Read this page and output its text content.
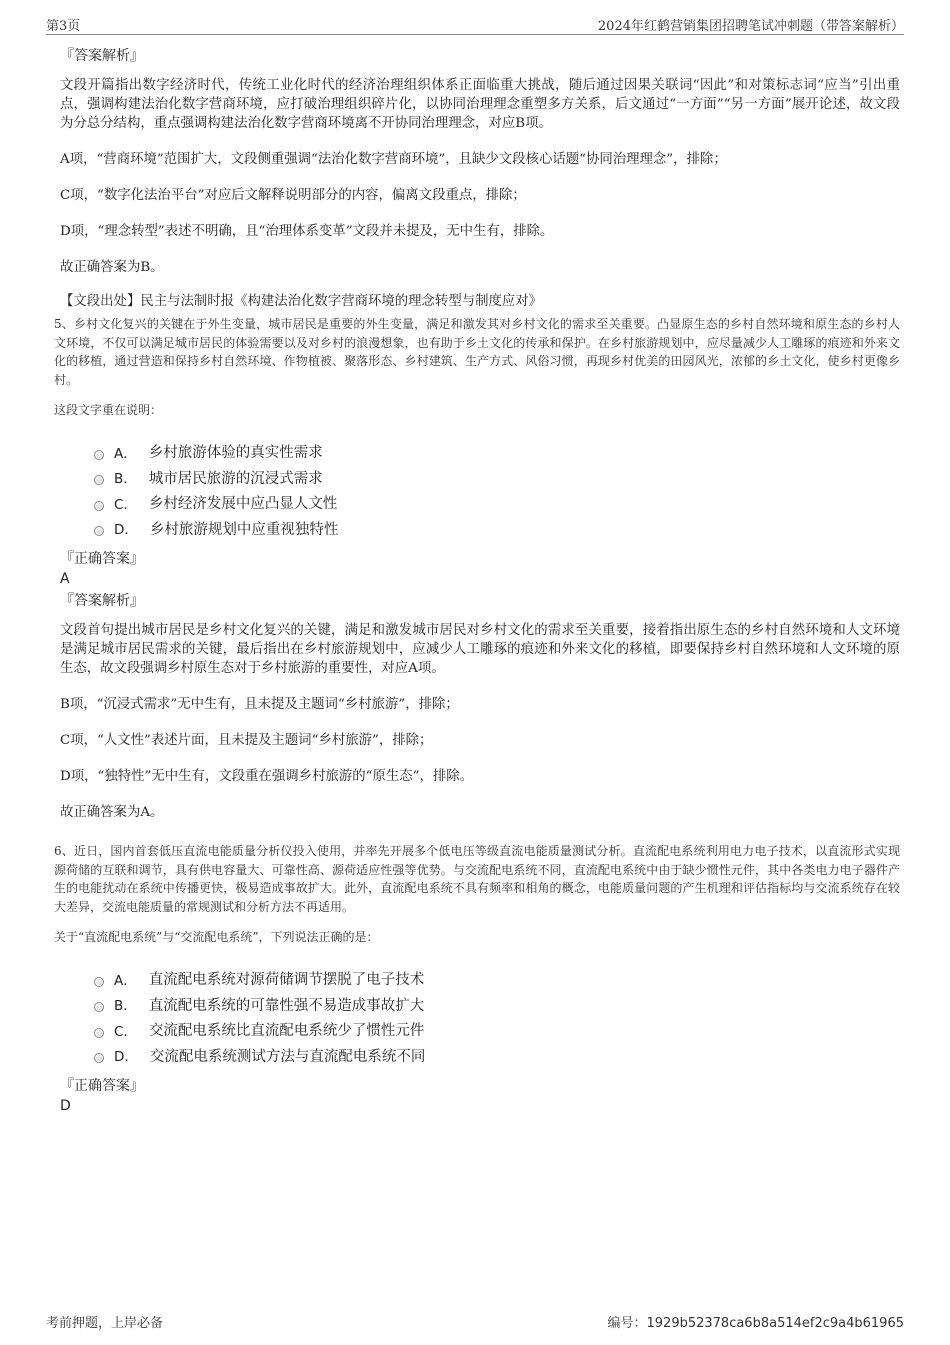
第3页	2024年红鹤营销集团招聘笔试冲刺题（带答案解析）
『答案解析』

文段开篇指出数字经济时代，传统工业化时代的经济治理组织体系正面临重大挑战，随后通过因果关联词“因此”和对策标志词“应当”引出重点，强调构建法治化数字营商环境，应打破治理组织碎片化，以协同治理理念重塑多方关系，后文通过“一方面”“另一方面”展开论述，故文段为分总分结构，重点强调构建法治化数字营商环境离不开协同治理理念，对应B项。

A项，“营商环境”范围扩大，文段侧重强调“法治化数字营商环境”，且缺少文段核心话题“协同治理理念”，排除；

C项，“数字化法治平台”对应后文解释说明部分的内容，偏离文段重点，排除；

D项，“理念转型”表述不明确，且“治理体系变革”文段并未提及，无中生有，排除。

故正确答案为B。

【文段出处】民主与法制时报《构建法治化数字营商环境的理念转型与制度应对》

5、乡村文化复兴的关键在于外生变量，城市居民是重要的外生变量，满足和激发其对乡村文化的需求至关重要。凸显原生态的乡村自然环境和原生态的乡村人文环境，不仅可以满足城市居民的体验需要以及对乡村的浪漫想象，也有助于乡土文化的传承和保护。在乡村旅游规划中，应尽量减少人工雕琢的痕迹和外来文化的移植，通过营造和保持乡村自然环境、作物植被、聚落形态、乡村建筑、生产方式、风俗习惯，再现乡村优美的田园风光，浓郁的乡土文化，使乡村更像乡村。

这段文字重在说明：
A． 乡村旅游体验的真实性需求
B． 城市居民旅游的沉浸式需求
C． 乡村经济发展中应凸显人文性
D． 乡村旅游规划中应重视独特性
『正确答案』
A
『答案解析』

文段首句提出城市居民是乡村文化复兴的关键，满足和激发城市居民对乡村文化的需求至关重要，接着指出原生态的乡村自然环境和人文环境是满足城市居民需求的关键，最后指出在乡村旅游规划中，应减少人工雕琢的痕迹和外来文化的移植，即要保持乡村自然环境和人文环境的原生态，故文段强调乡村原生态对于乡村旅游的重要性，对应A项。

B项，“沉浸式需求”无中生有，且未提及主题词“乡村旅游”，排除；

C项，“人文性”表述片面，且未提及主题词“乡村旅游”，排除；

D项，“独特性”无中生有，文段重在强调乡村旅游的“原生态”，排除。

故正确答案为A。

6、近日，国内首套低压直流电能质量分析仪投入使用，并率先开展多个低电压等级直流电能质量测试分析。直流配电系统利用电力电子技术，以直流形式实现源荷储的互联和调节，具有供电容量大、可靠性高、源荷适应性强等优势。与交流配电系统不同，直流配电系统中由于缺少惯性元件，其中各类电力电子器件产生的电能扰动在系统中传播更快，极易造成事故扩大。此外，直流配电系统不具有频率和相角的概念，电能质量问题的产生机理和评估指标均与交流系统存在较大差异，交流电能质量的常规测试和分析方法不再适用。

关于“直流配电系统”与“交流配电系统”，下列说法正确的是：
A． 直流配电系统对源荷储调节摆脱了电子技术
B． 直流配电系统的可靠性强不易造成事故扩大
C． 交流配电系统比直流配电系统少了惯性元件
D． 交流配电系统测试方法与直流配电系统不同
『正确答案』
D
考前押题，上岸必备	编号：1929b52378ca6b8a514ef2c9a4b61965
